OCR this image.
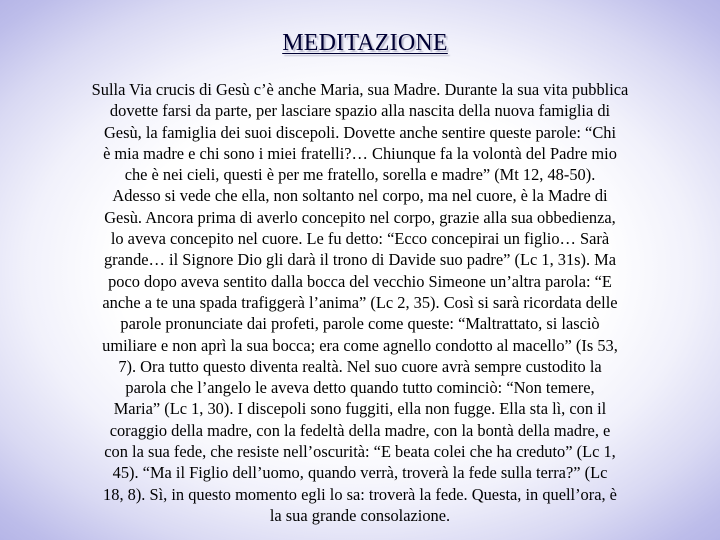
MEDITAZIONE
Sulla Via crucis di Gesù c’è anche Maria, sua Madre. Durante la sua vita pubblica
dovette farsi da parte, per lasciare spazio alla nascita della nuova famiglia di
Gesù, la famiglia dei suoi discepoli. Dovette anche sentire queste parole: “Chi
è mia madre e chi sono i miei fratelli?… Chiunque fa la volontà del Padre mio
che è nei cieli, questi è per me fratello, sorella e madre” (Mt 12, 48-50).
Adesso si vede che ella, non soltanto nel corpo, ma nel cuore, è la Madre di
Gesù. Ancora prima di averlo concepito nel corpo, grazie alla sua obbedienza,
lo aveva concepito nel cuore. Le fu detto: “Ecco concepirai un figlio… Sarà
grande… il Signore Dio gli darà il trono di Davide suo padre” (Lc 1, 31s). Ma
poco dopo aveva sentito dalla bocca del vecchio Simeone un’altra parola: “E
anche a te una spada trafiggerà l’anima” (Lc 2, 35). Così si sarà ricordata delle
parole pronunciate dai profeti, parole come queste: “Maltrattato, si lasciò
umiliare e non aprì la sua bocca; era come agnello condotto al macello” (Is 53,
7). Ora tutto questo diventa realtà. Nel suo cuore avrà sempre custodito la
parola che l’angelo le aveva detto quando tutto cominciò: “Non temere,
Maria” (Lc 1, 30). I discepoli sono fuggiti, ella non fugge. Ella sta lì, con il
coraggio della madre, con la fedeltà della madre, con la bontà della madre, e
con la sua fede, che resiste nell’oscurità: “E beata colei che ha creduto” (Lc 1,
45). “Ma il Figlio dell’uomo, quando verrà, troverà la fede sulla terra?” (Lc
18, 8). Sì, in questo momento egli lo sa: troverà la fede. Questa, in quell’ora, è
la sua grande consolazione.
